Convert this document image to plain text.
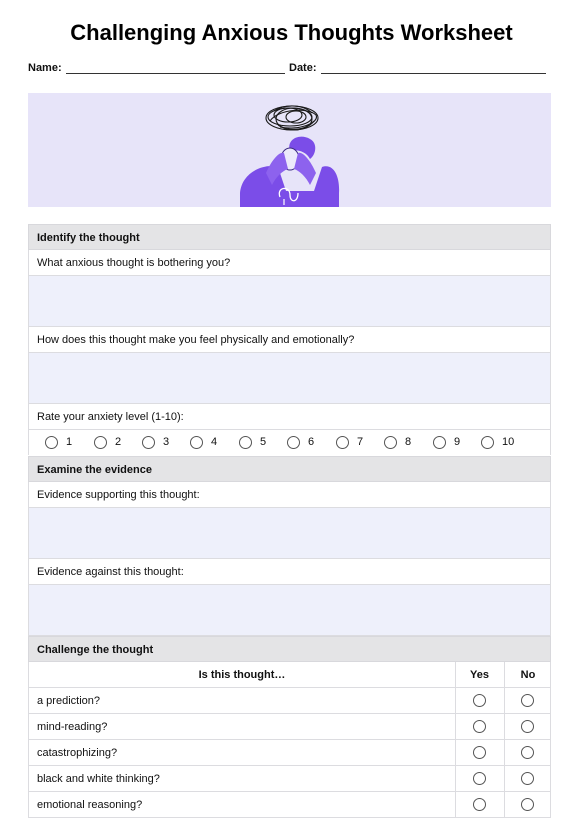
Challenging Anxious Thoughts Worksheet
Name:	Date:
Identify the thought
What anxious thought is bothering you?
How does this thought make you feel physically and emotionally?
Rate your anxiety level (1-10):
1	2	3	4	5	6	7	8	9	10
Examine the evidence
Evidence supporting this thought:
Evidence against this thought:
Challenge the thought
Is this thought…	Yes	No
a prediction?
mind-reading?
catastrophizing?
black and white thinking?
emotional reasoning?
